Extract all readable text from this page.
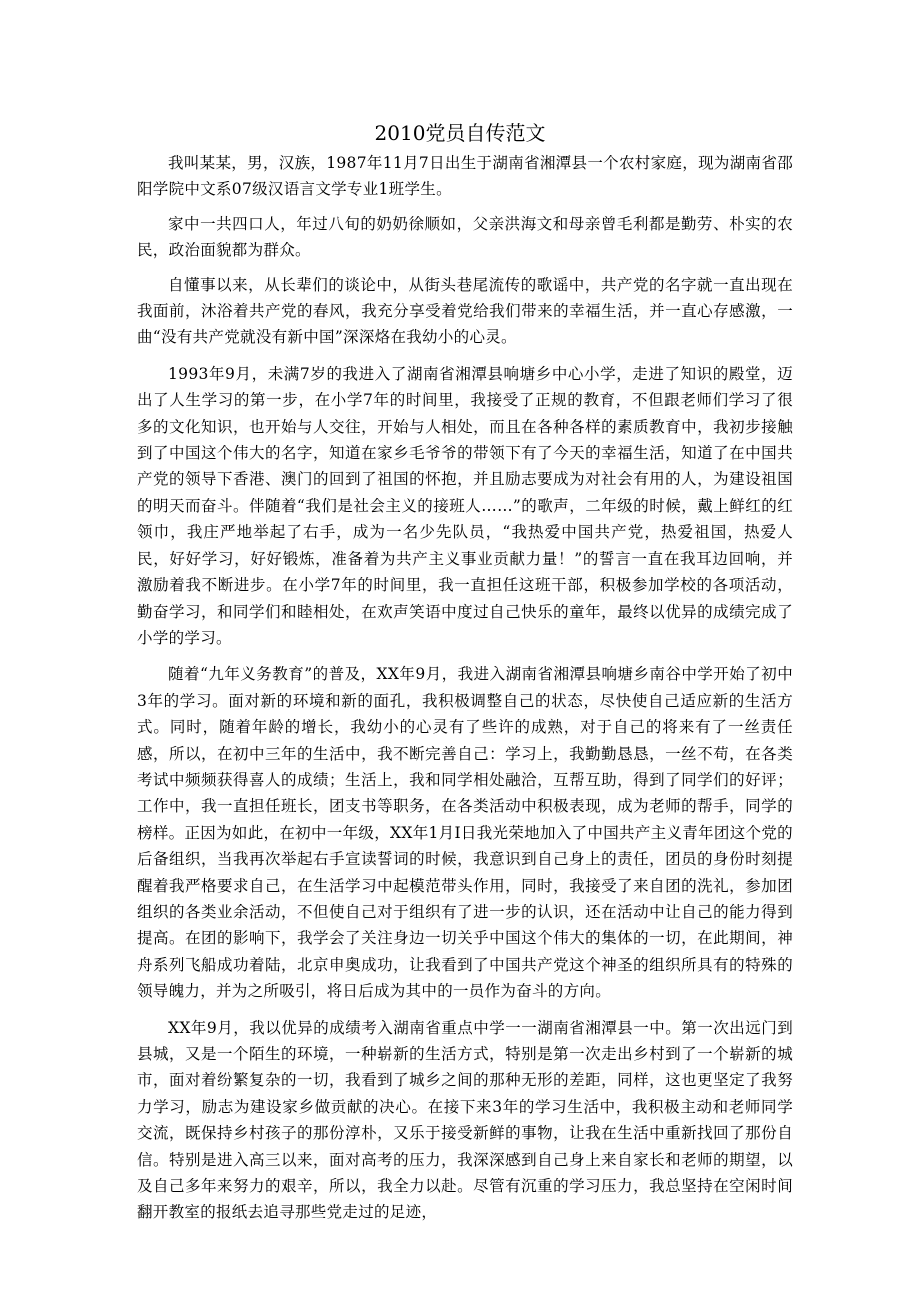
2010党员自传范文

我叫某某，男，汉族，1987年11月7日出生于湖南省湘潭县一个农村家庭，现为湖南省邵阳学院中文系07级汉语言文学专业1班学生。

家中一共四口人，年过八旬的奶奶徐顺如，父亲洪海文和母亲曾毛利都是勤劳、朴实的农民，政治面貌都为群众。

自懂事以来，从长辈们的谈论中，从街头巷尾流传的歌谣中，共产党的名字就一直出现在我面前，沐浴着共产党的春风，我充分享受着党给我们带来的幸福生活，并一直心存感激，一曲“没有共产党就没有新中国”深深烙在我幼小的心灵。

1993年9月，未满7岁的我进入了湖南省湘潭县响塘乡中心小学，走进了知识的殿堂，迈出了人生学习的第一步，在小学7年的时间里，我接受了正规的教育，不但跟老师们学习了很多的文化知识，也开始与人交往，开始与人相处，而且在各种各样的素质教育中，我初步接触到了中国这个伟大的名字，知道在家乡毛爷爷的带领下有了今天的幸福生活，知道了在中国共产党的领导下香港、澳门的回到了祖国的怀抱，并且励志要成为对社会有用的人，为建设祖国的明天而奋斗。伴随着“我们是社会主义的接班人……”的歌声，二年级的时候，戴上鲜红的红领巾，我庄严地举起了右手，成为一名少先队员，“我热爱中国共产党，热爱祖国，热爱人民，好好学习，好好锻炼，准备着为共产主义事业贡献力量！”的誓言一直在我耳边回响，并激励着我不断进步。在小学7年的时间里，我一直担任这班干部，积极参加学校的各项活动，勤奋学习，和同学们和睦相处，在欢声笑语中度过自己快乐的童年，最终以优异的成绩完成了小学的学习。

随着“九年义务教育”的普及，XX年9月，我进入湖南省湘潭县响塘乡南谷中学开始了初中3年的学习。面对新的环境和新的面孔，我积极调整自己的状态，尽快使自己适应新的生活方式。同时，随着年龄的增长，我幼小的心灵有了些许的成熟，对于自己的将来有了一丝责任感，所以，在初中三年的生活中，我不断完善自己：学习上，我勤勤恳恳，一丝不苟，在各类考试中频频获得喜人的成绩；生活上，我和同学相处融洽，互帮互助，得到了同学们的好评；工作中，我一直担任班长，团支书等职务，在各类活动中积极表现，成为老师的帮手，同学的榜样。正因为如此，在初中一年级，XX年1月I日我光荣地加入了中国共产主义青年团这个党的后备组织，当我再次举起右手宣读誓词的时候，我意识到自己身上的责任，团员的身份时刻提醒着我严格要求自己，在生活学习中起模范带头作用，同时，我接受了来自团的洗礼，参加团组织的各类业余活动，不但使自己对于组织有了进一步的认识，还在活动中让自己的能力得到提高。在团的影响下，我学会了关注身边一切关乎中国这个伟大的集体的一切，在此期间，神舟系列飞船成功着陆，北京申奥成功，让我看到了中国共产党这个神圣的组织所具有的特殊的领导魄力，并为之所吸引，将日后成为其中的一员作为奋斗的方向。

XX年9月，我以优异的成绩考入湖南省重点中学一一湖南省湘潭县一中。第一次出远门到县城，又是一个陌生的环境，一种崭新的生活方式，特别是第一次走出乡村到了一个崭新的城市，面对着纷繁复杂的一切，我看到了城乡之间的那种无形的差距，同样，这也更坚定了我努力学习，励志为建设家乡做贡献的决心。在接下来3年的学习生活中，我积极主动和老师同学交流，既保持乡村孩子的那份淳朴，又乐于接受新鲜的事物，让我在生活中重新找回了那份自信。特别是进入高三以来，面对高考的压力，我深深感到自己身上来自家长和老师的期望，以及自己多年来努力的艰辛，所以，我全力以赴。尽管有沉重的学习压力，我总坚持在空闲时间翻开教室的报纸去追寻那些党走过的足迹，
